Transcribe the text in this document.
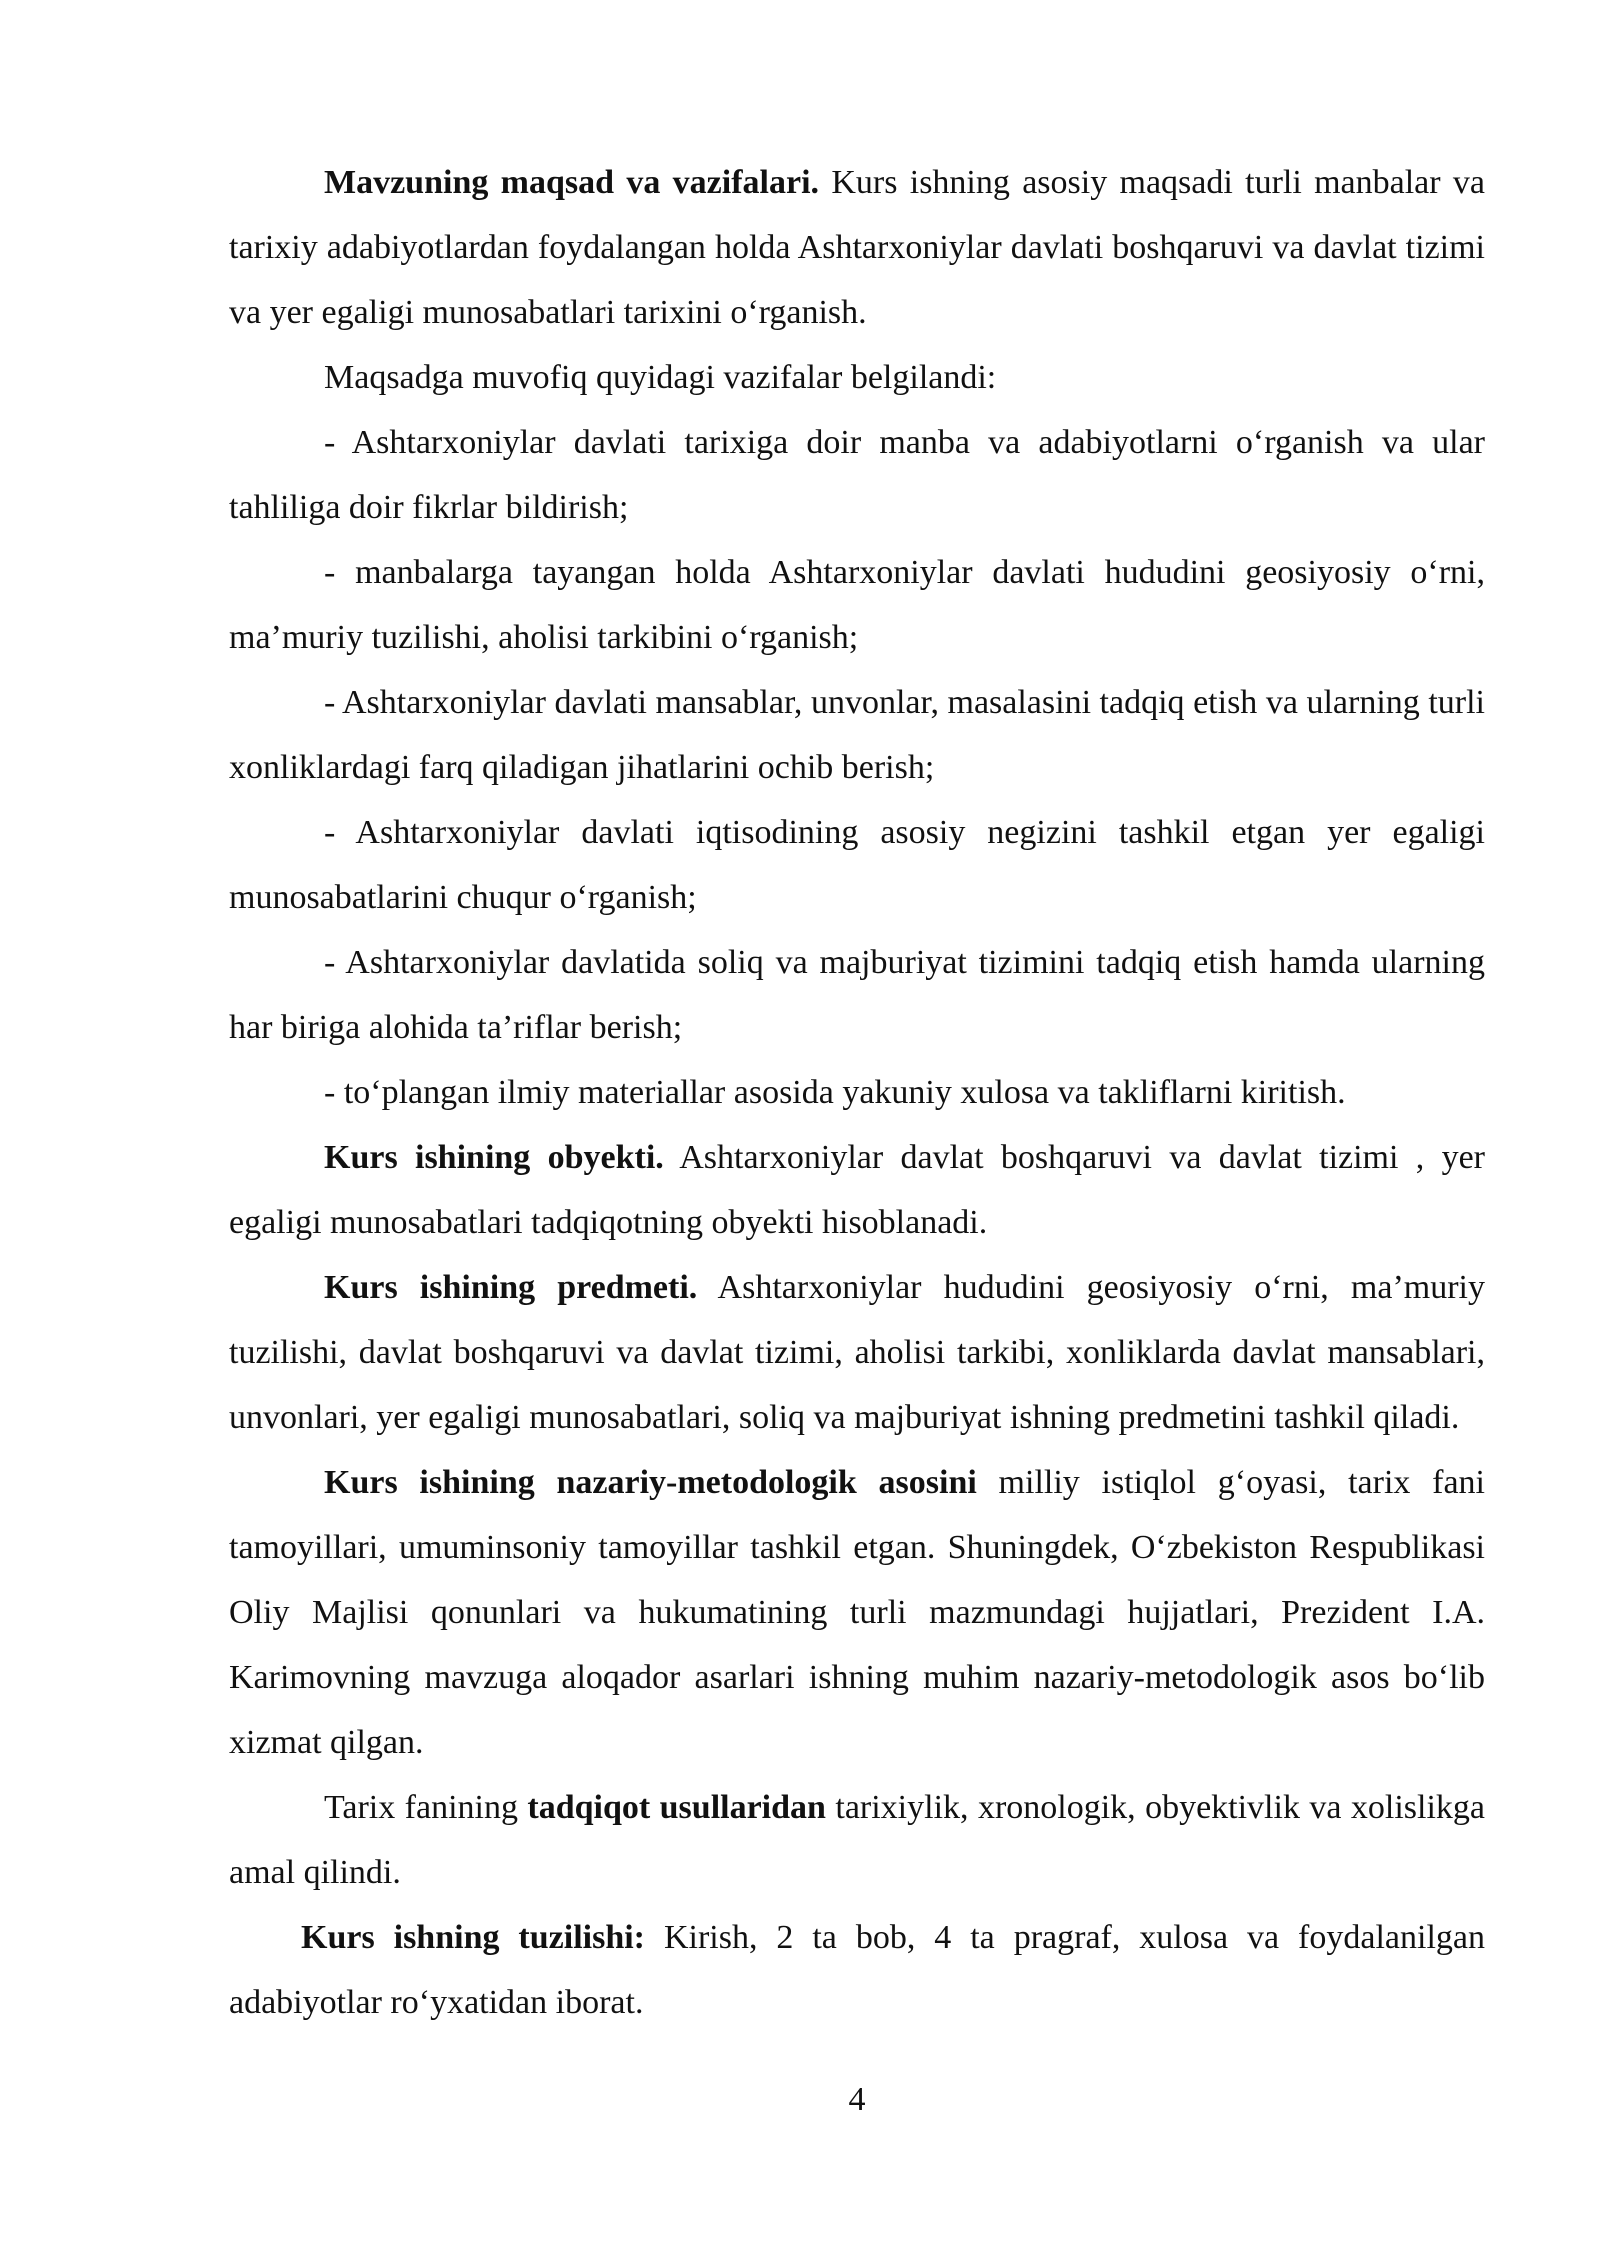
Mavzuning maqsad va vazifalari. Kurs ishning asosiy maqsadi turli manbalar va tarixiy adabiyotlardan foydalangan holda Ashtarxoniylar davlati boshqaruvi va davlat tizimi va yer egaligi munosabatlari tarixini o‘rganish.

Maqsadga muvofiq quyidagi vazifalar belgilandi:

- Ashtarxoniylar davlati tarixiga doir manba va adabiyotlarni o‘rganish va ular tahliliga doir fikrlar bildirish;

- manbalarga tayangan holda Ashtarxoniylar davlati hududini geosiyosiy o‘rni, ma’muriy tuzilishi, aholisi tarkibini o‘rganish;

- Ashtarxoniylar davlati mansablar, unvonlar, masalasini tadqiq etish va ularning turli xonliklardagi farq qiladigan jihatlarini ochib berish;

- Ashtarxoniylar davlati iqtisodining asosiy negizini tashkil etgan yer egaligi munosabatlarini chuqur o‘rganish;

- Ashtarxoniylar davlatida soliq va majburiyat tizimini tadqiq etish hamda ularning har biriga alohida ta’riflar berish;

- to‘plangan ilmiy materiallar asosida yakuniy xulosa va takliflarni kiritish.

Kurs ishining obyekti. Ashtarxoniylar davlat boshqaruvi va davlat tizimi , yer egaligi munosabatlari tadqiqotning obyekti hisoblanadi.

Kurs ishining predmeti. Ashtarxoniylar hududini geosiyosiy o‘rni, ma’muriy tuzilishi, davlat boshqaruvi va davlat tizimi, aholisi tarkibi, xonliklarda davlat mansablari, unvonlari, yer egaligi munosabatlari, soliq va majburiyat ishning predmetini tashkil qiladi.

Kurs ishining nazariy-metodologik asosini milliy istiqlol g‘oyasi, tarix fani tamoyillari, umuminsoniy tamoyillar tashkil etgan. Shuningdek, O‘zbekiston Respublikasi Oliy Majlisi qonunlari va hukumatining turli mazmundagi hujjatlari, Prezident I.A. Karimovning mavzuga aloqador asarlari ishning muhim nazariy-metodologik asos bo‘lib xizmat qilgan.

Tarix fanining tadqiqot usullaridan tarixiylik, xronologik, obyektivlik va xolislikga amal qilindi.

Kurs ishning tuzilishi: Kirish, 2 ta bob, 4 ta pragraf, xulosa va foydalanilgan adabiyotlar ro‘yxatidan iborat.

4
